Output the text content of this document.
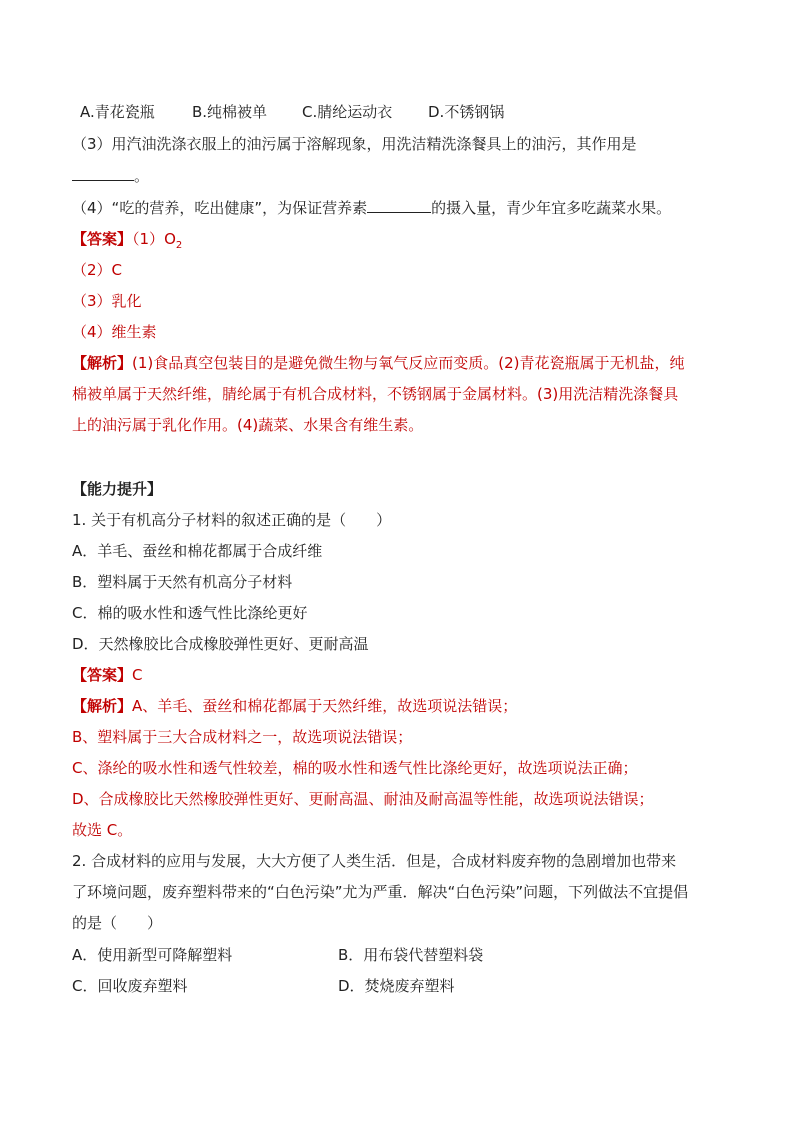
A.青花瓷瓶 B.纯棉被单 C.腈纶运动衣 D.不锈钢锅
（3）用汽油洗涤衣服上的油污属于溶解现象，用洗洁精洗涤餐具上的油污，其作用是
。
（4）“吃的营养，吃出健康”，为保证营养素	的摄入量，青少年宜多吃蔬菜水果。
【答案】$(1)O_2$
（2）C
（3）乳化
（4）维生素
【解析】(1)食品真空包装目的是避免微生物与氧气反应而变质。(2)青花瓷瓶属于无机盐，纯
棉被单属于天然纤维，腈纶属于有机合成材料，不锈钢属于金属材料。(3)用洗洁精洗涤餐具
上的油污属于乳化作用。(4)蔬菜、水果含有维生素。
【能力提升】
1. 关于有机高分子材料的叙述正确的是（　　）
A．羊毛、蚕丝和棉花都属于合成纤维
B．塑料属于天然有机高分子材料
C．棉的吸水性和透气性比涤纶更好
D．天然橡胶比合成橡胶弹性更好、更耐高温
【答案】C
【解析】A、羊毛、蚕丝和棉花都属于天然纤维，故选项说法错误；
B、塑料属于三大合成材料之一，故选项说法错误；
C、涤纶的吸水性和透气性较差，棉的吸水性和透气性比涤纶更好，故选项说法正确；
D、合成橡胶比天然橡胶弹性更好、更耐高温、耐油及耐高温等性能，故选项说法错误；
故选 C。
2. 合成材料的应用与发展，大大方便了人类生活．但是，合成材料废弃物的急剧增加也带来
了环境问题，废弃塑料带来的“白色污染”尤为严重．解决“白色污染”问题，下列做法不宜提倡
的是（　　）
A．使用新型可降解塑料	B．用布袋代替塑料袋
C．回收废弃塑料	D．焚烧废弃塑料
